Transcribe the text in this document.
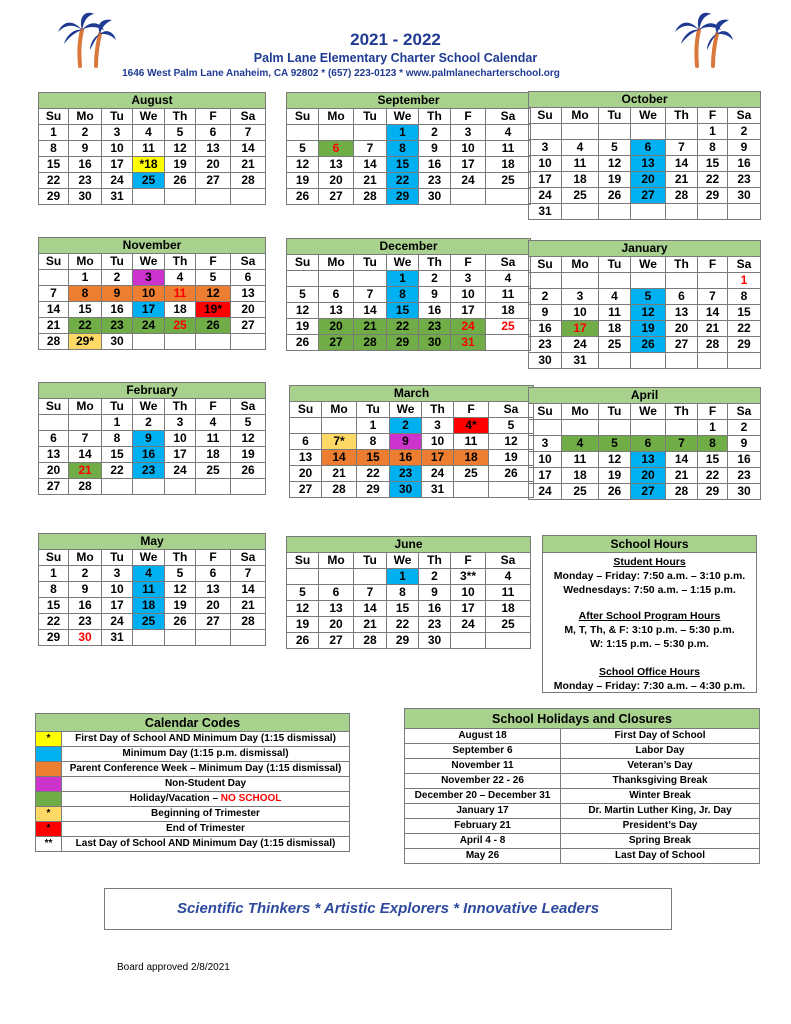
2021 - 2022
Palm Lane Elementary Charter School Calendar
1646 West Palm Lane Anaheim, CA 92802 * (657) 223-0123 * www.palmlanecharterschool.org
August						
Su	Mo	Tu	We	Th	F	Sa
1	2	3	4	5	6	7
8	9	10	11	12	13	14
15	16	17	*18	19	20	21
22	23	24	25	26	27	28
29	30	31				
September						
Su	Mo	Tu	We	Th	F	Sa
			1	2	3	4
5	6	7	8	9	10	11
12	13	14	15	16	17	18
19	20	21	22	23	24	25
26	27	28	29	30		
October						
Su	Mo	Tu	We	Th	F	Sa
					1	2
3	4	5	6	7	8	9
10	11	12	13	14	15	16
17	18	19	20	21	22	23
24	25	26	27	28	29	30
31						
November						
Su	Mo	Tu	We	Th	F	Sa
	1	2	3	4	5	6
7	8	9	10	11	12	13
14	15	16	17	18	19*	20
21	22	23	24	25	26	27
28	29*	30				
December						
Su	Mo	Tu	We	Th	F	Sa
			1	2	3	4
5	6	7	8	9	10	11
12	13	14	15	16	17	18
19	20	21	22	23	24	25
26	27	28	29	30	31	
January						
Su	Mo	Tu	We	Th	F	Sa
						1
2	3	4	5	6	7	8
9	10	11	12	13	14	15
16	17	18	19	20	21	22
23	24	25	26	27	28	29
30	31					
February						
Su	Mo	Tu	We	Th	F	Sa
		1	2	3	4	5
6	7	8	9	10	11	12
13	14	15	16	17	18	19
20	21	22	23	24	25	26
27	28					
March						
Su	Mo	Tu	We	Th	F	Sa
		1	2	3	4*	5
6	7*	8	9	10	11	12
13	14	15	16	17	18	19
20	21	22	23	24	25	26
27	28	29	30	31		
April						
Su	Mo	Tu	We	Th	F	Sa
					1	2
3	4	5	6	7	8	9
10	11	12	13	14	15	16
17	18	19	20	21	22	23
24	25	26	27	28	29	30
May						
Su	Mo	Tu	We	Th	F	Sa
1	2	3	4	5	6	7
8	9	10	11	12	13	14
15	16	17	18	19	20	21
22	23	24	25	26	27	28
29	30	31				
June						
Su	Mo	Tu	We	Th	F	Sa
			1	2	3**	4
5	6	7	8	9	10	11
12	13	14	15	16	17	18
19	20	21	22	23	24	25
26	27	28	29	30		
School Hours
Student Hours
Monday – Friday: 7:50 a.m. – 3:10 p.m.
Wednesdays: 7:50 a.m. – 1:15 p.m.
After School Program Hours
M, T, Th, & F: 3:10 p.m. – 5:30 p.m.
W: 1:15 p.m. – 5:30 p.m.
School Office Hours
Monday – Friday: 7:30 a.m. – 4:30 p.m.
Calendar Codes	
*	First Day of School AND Minimum Day (1:15 dismissal)
	Minimum Day (1:15 p.m. dismissal)
	Parent Conference Week – Minimum Day (1:15 dismissal)
	Non-Student Day
	Holiday/Vacation – NO SCHOOL
*	Beginning of Trimester
*	End of Trimester
**	Last Day of School AND Minimum Day (1:15 dismissal)
School Holidays and Closures	
August 18	First Day of School
September 6	Labor Day
November 11	Veteran’s Day
November 22 - 26	Thanksgiving Break
December 20 – December 31	Winter Break
January 17	Dr. Martin Luther King, Jr. Day
February 21	President’s Day
April 4 - 8	Spring Break
May 26	Last Day of School
Scientific Thinkers * Artistic Explorers * Innovative Leaders
Board approved 2/8/2021
